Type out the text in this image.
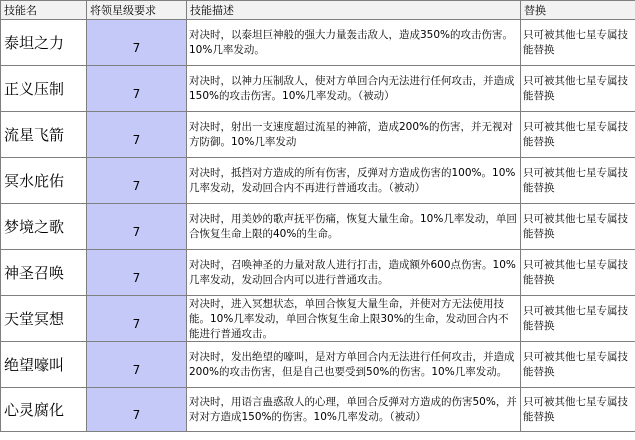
技能名	将领星级要求	技能描述	替换
泰坦之力	7	对决时，以泰坦巨神般的强大力量轰击敌人，造成350%的攻击伤害。10%几率发动。	只可被其他七星专属技能替换
正义压制	7	对决时，以神力压制敌人，使对方单回合内无法进行任何攻击，并造成150%的攻击伤害。10%几率发动。（被动）	只可被其他七星专属技能替换
流星飞箭	7	对决时，射出一支速度超过流星的神箭，造成200%的伤害，并无视对方防御。10%几率发动	只可被其他七星专属技能替换
冥水庇佑	7	对决时，抵挡对方造成的所有伤害，反弹对方造成伤害的100%。10%几率发动，发动回合内不再进行普通攻击。（被动）	只可被其他七星专属技能替换
梦境之歌	7	对决时，用美妙的歌声抚平伤痛，恢复大量生命。10%几率发动，单回合恢复生命上限的40%的生命。	只可被其他七星专属技能替换
神圣召唤	7	对决时，召唤神圣的力量对敌人进行打击，造成额外600点伤害。10%几率发动，发动回合内可以进行普通攻击。	只可被其他七星专属技能替换
天堂冥想	7	对决时，进入冥想状态，单回合恢复大量生命，并使对方无法使用技能。10%几率发动，单回合恢复生命上限30%的生命，发动回合内不能进行普通攻击。	只可被其他七星专属技能替换
绝望嚎叫	7	对决时，发出绝望的嚎叫，是对方单回合内无法进行任何攻击，并造成200%的攻击伤害，但是自己也要受到50%的伤害。10%几率发动。	只可被其他七星专属技能替换
心灵腐化	7	对决时，用语言蛊惑敌人的心理，单回合反弹对方造成的伤害50%，并对对方造成150%的伤害。10%几率发动。（被动）	只可被其他七星专属技能替换
